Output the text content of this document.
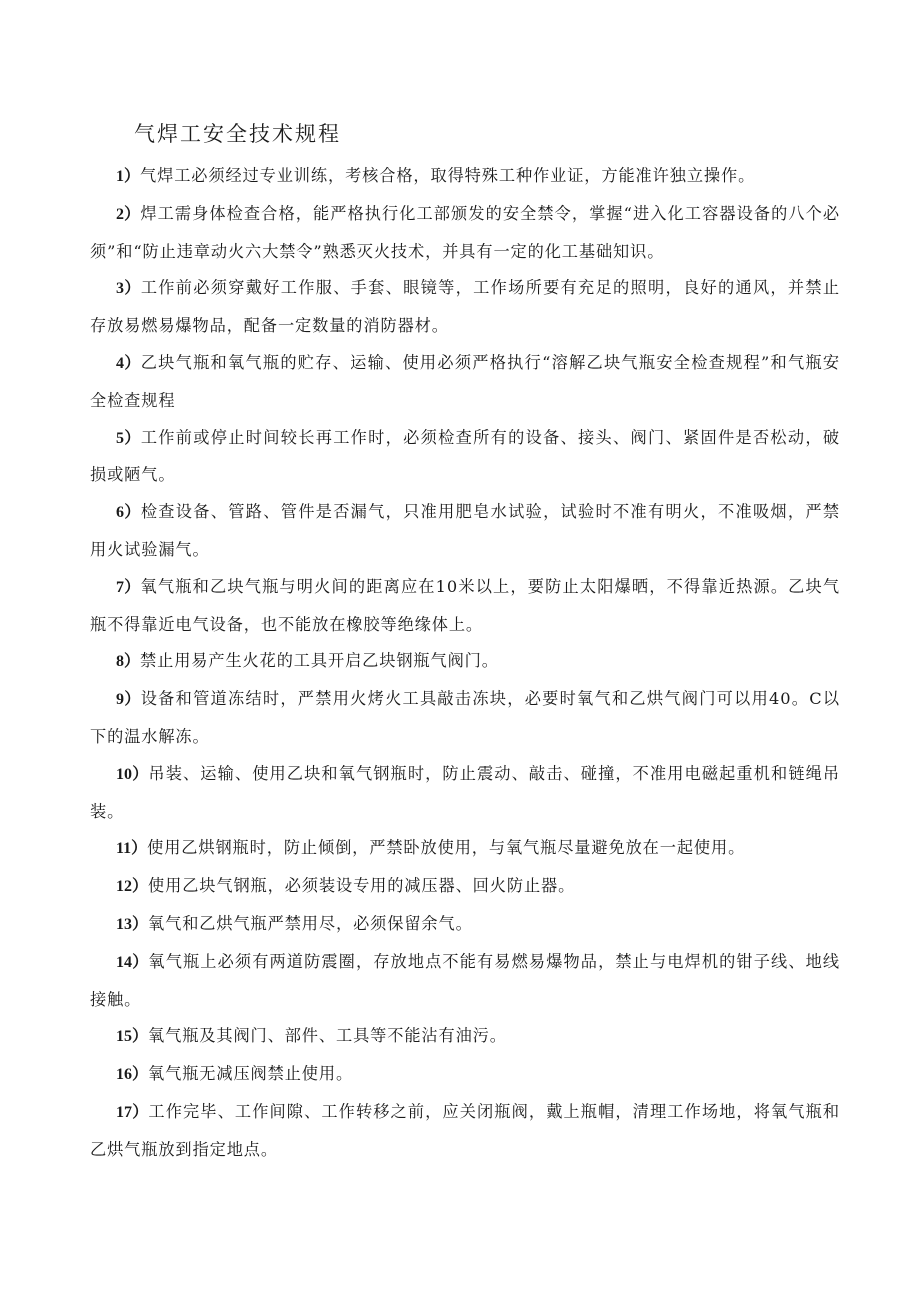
气焊工安全技术规程
1）气焊工必须经过专业训练，考核合格，取得特殊工种作业证，方能准许独立操作。
2）焊工需身体检查合格，能严格执行化工部颁发的安全禁令，掌握“进入化工容器设备的八个必须”和“防止违章动火六大禁令”熟悉灭火技术，并具有一定的化工基础知识。
3）工作前必须穿戴好工作服、手套、眼镜等，工作场所要有充足的照明，良好的通风，并禁止存放易燃易爆物品，配备一定数量的消防器材。
4）乙块气瓶和氧气瓶的贮存、运输、使用必须严格执行“溶解乙块气瓶安全检查规程”和气瓶安全检查规程
5）工作前或停止时间较长再工作时，必须检查所有的设备、接头、阀门、紧固件是否松动，破损或陋气。
6）检查设备、管路、管件是否漏气，只准用肥皂水试验，试验时不准有明火，不准吸烟，严禁用火试验漏气。
7）氧气瓶和乙块气瓶与明火间的距离应在10米以上，要防止太阳爆晒，不得靠近热源。乙块气瓶不得靠近电气设备，也不能放在橡胶等绝缘体上。
8）禁止用易产生火花的工具开启乙块钢瓶气阀门。
9）设备和管道冻结时，严禁用火烤火工具敲击冻块，必要时氧气和乙烘气阀门可以用40。C以下的温水解冻。
10）吊装、运输、使用乙块和氧气钢瓶时，防止震动、敲击、碰撞，不准用电磁起重机和链绳吊装。
11）使用乙烘钢瓶时，防止倾倒，严禁卧放使用，与氧气瓶尽量避免放在一起使用。
12）使用乙块气钢瓶，必须装设专用的减压器、回火防止器。
13）氧气和乙烘气瓶严禁用尽，必须保留余气。
14）氧气瓶上必须有两道防震圈，存放地点不能有易燃易爆物品，禁止与电焊机的钳子线、地线接触。
15）氧气瓶及其阀门、部件、工具等不能沾有油污。
16）氧气瓶无减压阀禁止使用。
17）工作完毕、工作间隙、工作转移之前，应关闭瓶阀，戴上瓶帽，清理工作场地，将氧气瓶和乙烘气瓶放到指定地点。
